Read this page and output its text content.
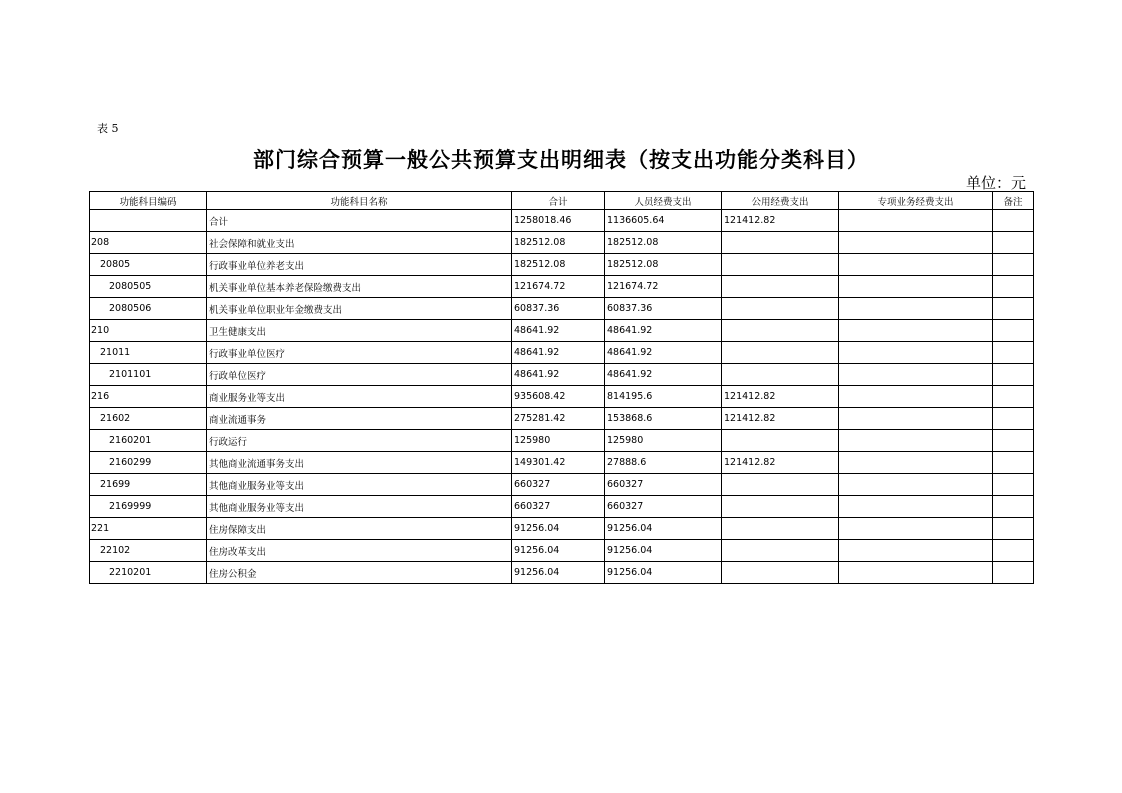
表 5
部门综合预算一般公共预算支出明细表（按支出功能分类科目）
单位：元
功能科目编码	功能科目名称	合计	人员经费支出	公用经费支出	专项业务经费支出	备注
	合计	1258018.46	1136605.64	121412.82		
208	社会保障和就业支出	182512.08	182512.08			
20805	行政事业单位养老支出	182512.08	182512.08			
2080505	机关事业单位基本养老保险缴费支出	121674.72	121674.72			
2080506	机关事业单位职业年金缴费支出	60837.36	60837.36			
210	卫生健康支出	48641.92	48641.92			
21011	行政事业单位医疗	48641.92	48641.92			
2101101	行政单位医疗	48641.92	48641.92			
216	商业服务业等支出	935608.42	814195.6	121412.82		
21602	商业流通事务	275281.42	153868.6	121412.82		
2160201	行政运行	125980	125980			
2160299	其他商业流通事务支出	149301.42	27888.6	121412.82		
21699	其他商业服务业等支出	660327	660327			
2169999	其他商业服务业等支出	660327	660327			
221	住房保障支出	91256.04	91256.04			
22102	住房改革支出	91256.04	91256.04			
2210201	住房公积金	91256.04	91256.04			
